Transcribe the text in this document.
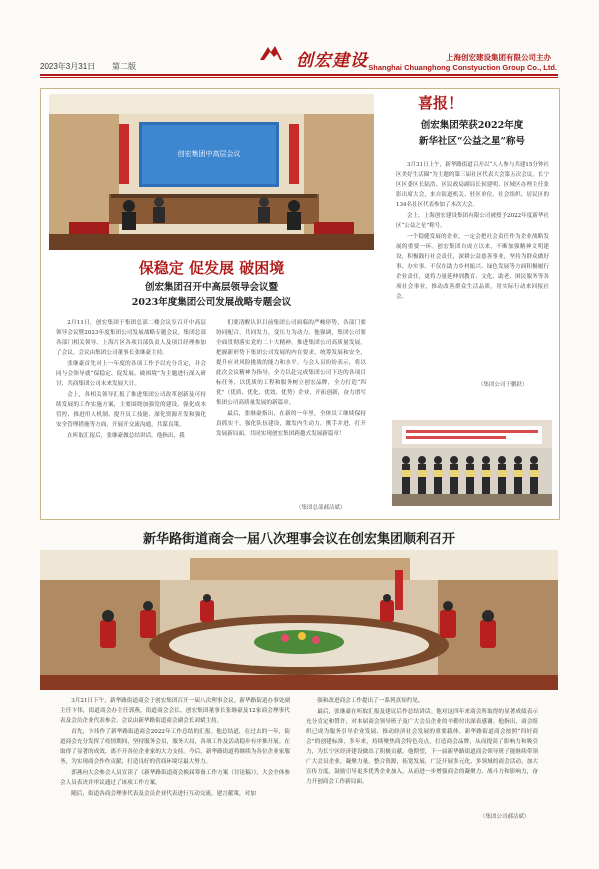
2023年3月31日 第二版	创宏建设	上海创宏建设集团有限公司主办
Shanghai Chuanghong Constyuction Group Co., Ltd.
创宏集团中高层会议
保稳定 促发展 破困境
创宏集团召开中高层领导会议暨
2023年度集团公司发展战略专题会议

2月11日，创宏集团于集团总部二楼会议室召开中高层领导会议暨2023年度集团公司发展战略专题会议。集团总部各部门相关领导、上海片区各项目部负责人及项目经理参加了会议。会议由集团公司董事长张继豪主持。

张继豪首先对上一年度的各项工作予以充分肯定，并会同与会领导就“保稳定、促发展、破困境”为主题进行深入研讨，共商集团公司未来发展大计。

会上，各相关领导汇报了推进集团公司改革创新及可持续发展的工作实施方案，主要围绕加强党的建设、强化成本管控、推进用人机制、提升员工技能、深化资源开发和强化安全管理措施等方面，开展开交流沟通，共谋良策。

在听取汇报后，张继豪做总结讲话。他指出，我

们要清醒认识目前集团公司面临的严峻形势，各部门要协同配合，共同发力，变压力为动力。他强调，集团公司要全面贯彻落实党的二十大精神，推进集团公司高质量发展，把握新形势下集团公司发展的内在要求，统筹发展和安全，提升应对风险挑战的能力和水平。与会人员纷纷表示，将以此次会议精神为指导，全力以赴完成集团公司下达的各项目标任务，以优质的工程和服务树立创宏品牌，全力打造“四优”（优质、优化、优效、优势）企业，开拓创新，奋力谱写集团公司高质量发展的新篇章。

最后，张继豪指出，在新的一年里，全体员工继续保持真抓实干，强化队伍建设，激发内生动力，携手并进，打开发展新局面，共同实现创宏集团跨越式发展新篇章！

（集团总部郝洁斌）
喜报！
创宏集团荣获2022年度
新华社区“公益之星”称号

3月31日上午，新华路街道召开以“人人参与共建15分钟社区美好生活圈”为主题的第三届社区代表大会第五次会议。长宁区区委区长陆浩、区民政局副局长侯建明、区域区办理主任张影出席大会，来自街道机关、驻区单位、社会组织、居民区的134名社区代表参加了本次大会。

会上，上海创宏建设集团有限公司被授予2022年度新华社区“公益之星”称号。

一个稳健发展的企业，一定会把社会责任作为企业战略发展的重要一环。创宏集团自成立以来，不断加强精神文明建设，积极践行社会责任，深耕公益慈善事业，坚持为群众做好事、办实事。不仅在助力乡村振兴、绿色发展等方面积极履行企业责任，更将力量延伸到教育、文化、助老、困民服务等各项社会事业，推动改善群众生活品质，用实际行动来回报社会。

（集团公司于鹏跃）
新华路街道商会一届八次理事会议在创宏集团顺利召开

3月21日下午，新华路街道商会于创宏集团召开一届八次理事会议。新华路街道办事处副主任卞伟，街道商会办主任郭燕，街道商会会长、创宏集团董事长张继豪及12家商会理事代表及会员企业代表参会。会议由新华路街道商会副会长刘斌主持。

首先，卞玮作了新华路街道商会2022年工作总结的汇报。他总结道，在过去的一年，街道商会充分发挥了疫情期间，坚持服务会员，服务大局，各项工作及活动稳步有序推开展。在取得了显著的成效，离不开各位企业家的大力支持。今后，新华路街道将继续为各位企业家服务，为实现商会作作贡献，打造良好的营商环境尽最大努力。

郭燕向大会参会人员宣读了《新华路街道商会换届筹备工作方案（讨论稿）》，大会全体参会人员表决并审议通过了该项工作方案。

随后，街道各商会理事代表及会员企业代表进行互动交流，建言献策，对加

强和改进商会工作提出了一系列真知灼见。

最后，张继豪在听取汇报及建议后作总结讲话。他对这四年来商会所取得的显著成绩表示充分肯定和赞许，对本届商会领导班子及广大会员企业的辛勤付出深表感谢。他指出，商会组织已成为服务引导企业发展、推动经济社会发展的重要载体。新华路街道商会按照“四好商会”的创建标准，多年来，持续聚焦商会特色亮点，打造商会品牌，从而提高了影响力和吸引力，为长宁区经济建设做出了积极贡献。他期望，下一届新华路街道商会领导班子能继续带领广大会员企业，凝聚力量，整合资源，拓宽发展，广泛开展多元化、多领域的商会活动，加大宣传力度，鼓励引导更多优秀企业加入，从而进一步增强商会的凝聚力、战斗力和影响力，奋力开创商会工作新局面。

（集团公司郝洁斌）
